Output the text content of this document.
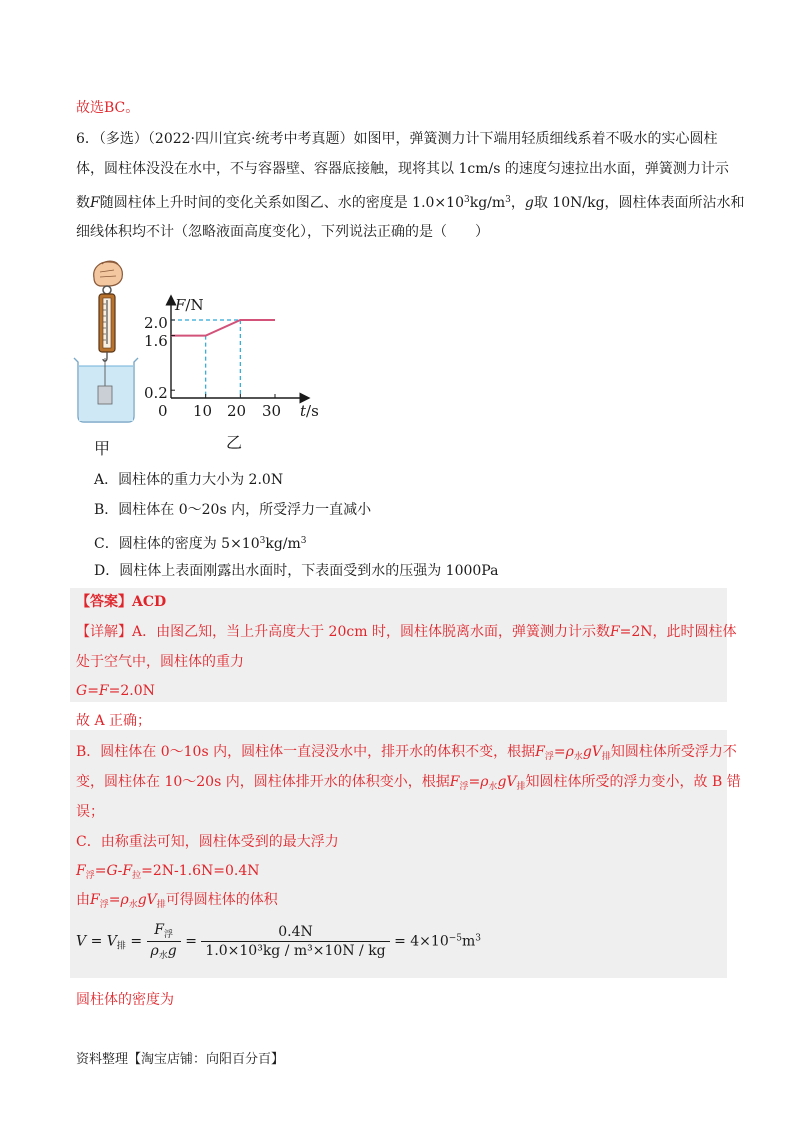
故选BC。
6．（多选）（2022·四川宜宾·统考中考真题）如图甲，弹簧测力计下端用轻质细线系着不吸水的实心圆柱
体，圆柱体没没在水中，不与容器壁、容器底接触，现将其以 1cm/s 的速度匀速拉出水面，弹簧测力计示
数F随圆柱体上升时间的变化关系如图乙、水的密度是 $1.0\times 10^3kg/m^3$，g取 10N/kg，圆柱体表面所沾水和
细线体积均不计（忽略液面高度变化），下列说法正确的是（　　）
甲
F/N
t/s
2.0
1.6
0.2
0 10 20 30
乙
A．圆柱体的重力大小为 2.0N
B．圆柱体在 0～20s 内，所受浮力一直减小
C．圆柱体的密度为 $5\times 10^3kg/m^3$
D．圆柱体上表面刚露出水面时，下表面受到水的压强为 1000Pa
【答案】ACD
【详解】A．由图乙知，当上升高度大于 20cm 时，圆柱体脱离水面，弹簧测力计示数F=2N，此时圆柱体
处于空气中，圆柱体的重力
G=F=2.0N
故 A 正确；
B．圆柱体在 0～10s 内，圆柱体一直浸没水中，排开水的体积不变，根据$F_浮=\rho_水gV_排$知圆柱体所受浮力不
变，圆柱体在 10～20s 内，圆柱体排开水的体积变小，根据$F_浮=\rho_水gV_排$知圆柱体所受的浮力变小，故 B 错
误；
C．由称重法可知，圆柱体受到的最大浮力
$F_浮=G-F_拉=2N-1.6N=0.4N$
由$F_浮=\rho_水gV_排$可得圆柱体的体积
$V = V_排 = \frac{F_浮}{\rho_水g} = \frac{0.4N}{\text{1.0×10³kg / m³×10N / kg}} = 4\times 10^{-5}m^3$
圆柱体的密度为
资料整理【淘宝店铺：向阳百分百】
